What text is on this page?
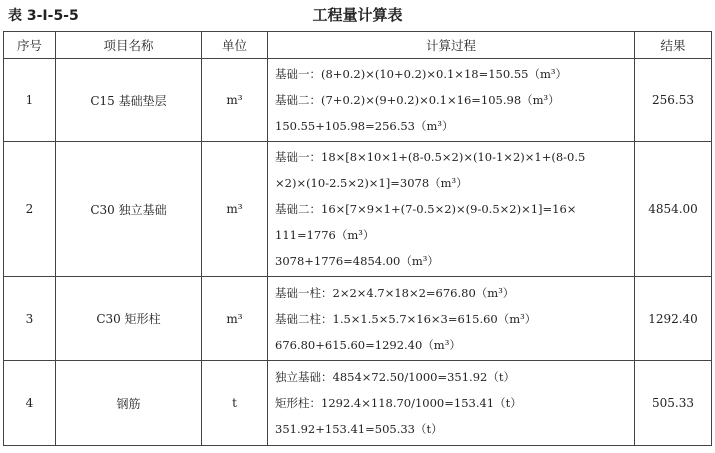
表 3-Ⅰ-5-5	工程量计算表
序号	项目名称	单位	计算过程	结果
1	C15 基础垫层	m³	基础一：(8+0.2)×(10+0.2)×0.1×18=150.55（m³）
基础二：(7+0.2)×(9+0.2)×0.1×16=105.98（m³）
150.55+105.98=256.53（m³）	256.53
2	C30 独立基础	m³	基础一：18×[8×10×1+(8-0.5×2)×(10-1×2)×1+(8-0.5
×2)×(10-2.5×2)×1]=3078（m³）
基础二：16×[7×9×1+(7-0.5×2)×(9-0.5×2)×1]=16×
111=1776（m³）
3078+1776=4854.00（m³）	4854.00
3	C30 矩形柱	m³	基础一柱：2×2×4.7×18×2=676.80（m³）
基础二柱：1.5×1.5×5.7×16×3=615.60（m³）
676.80+615.60=1292.40（m³）	1292.40
4	钢筋	t	独立基础：4854×72.50/1000=351.92（t）
矩形柱：1292.4×118.70/1000=153.41（t）
351.92+153.41=505.33（t）	505.33
